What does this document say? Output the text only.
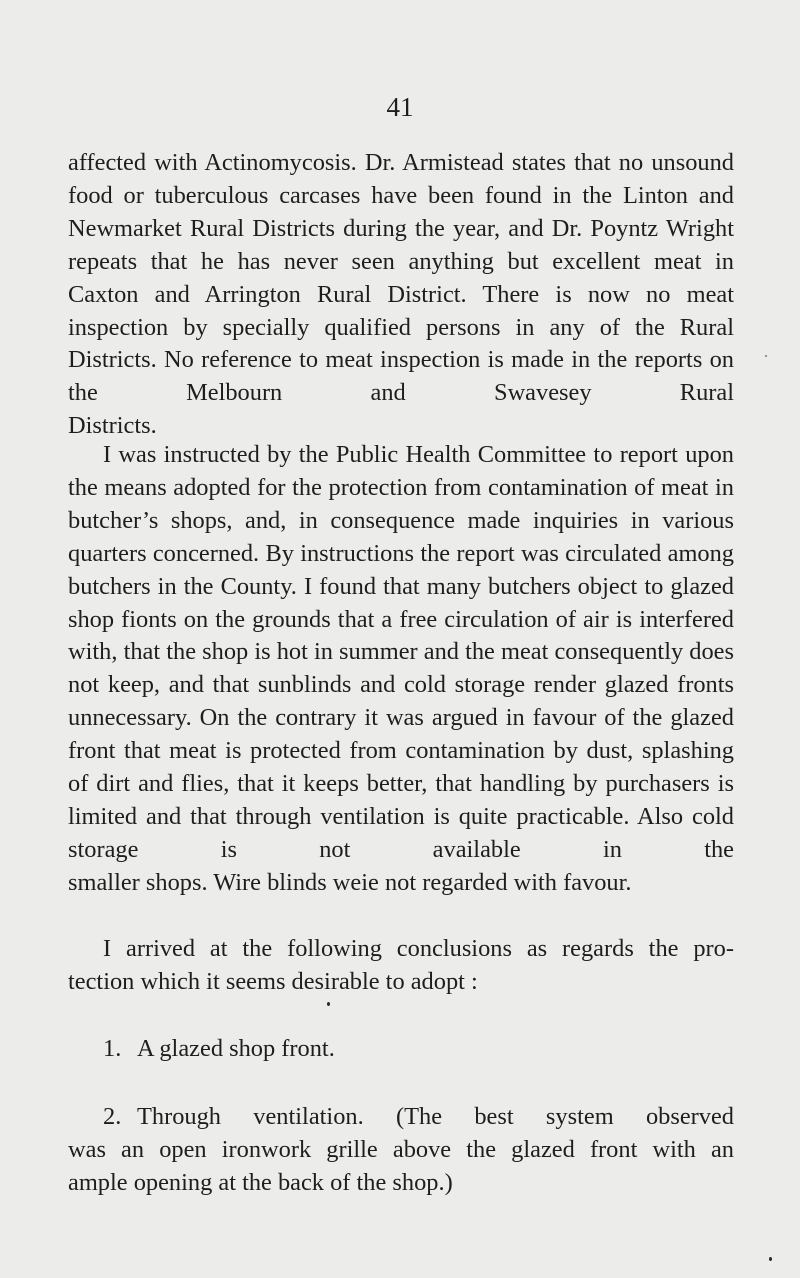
41

affected with Actinomycosis. Dr. Armistead states that no unsound food or tuberculous carcases have been found in the Linton and Newmarket Rural Districts during the year, and Dr. Poyntz Wright repeats that he has never seen anything but excellent meat in Caxton and Arrington Rural District. There is now no meat inspection by specially qualified persons in any of the Rural Districts. No reference to meat inspection is made in the reports on the Melbourn and Swavesey Rural
Districts.

I was instructed by the Public Health Committee to report upon the means adopted for the protection from contamination of meat in butcher’s shops, and, in consequence made inquiries in various quarters concerned. By instructions the report was circulated among butchers in the County. I found that many butchers object to glazed shop fionts on the grounds that a free circulation of air is interfered with, that the shop is hot in summer and the meat consequently does not keep, and that sunblinds and cold storage render glazed fronts unnecessary. On the contrary it was argued in favour of the glazed front that meat is protected from contamination by dust, splashing of dirt and flies, that it keeps better, that handling by purchasers is limited and that through ventilation is quite practicable. Also cold storage is not available in the
smaller shops. Wire blinds weie not regarded with favour.

I arrived at the following conclusions as regards the pro-
tection which it seems desirable to adopt :

1. A glazed shop front.

2. Through ventilation. (The best system observed
was an open ironwork grille above the glazed front with an
ample opening at the back of the shop.)
